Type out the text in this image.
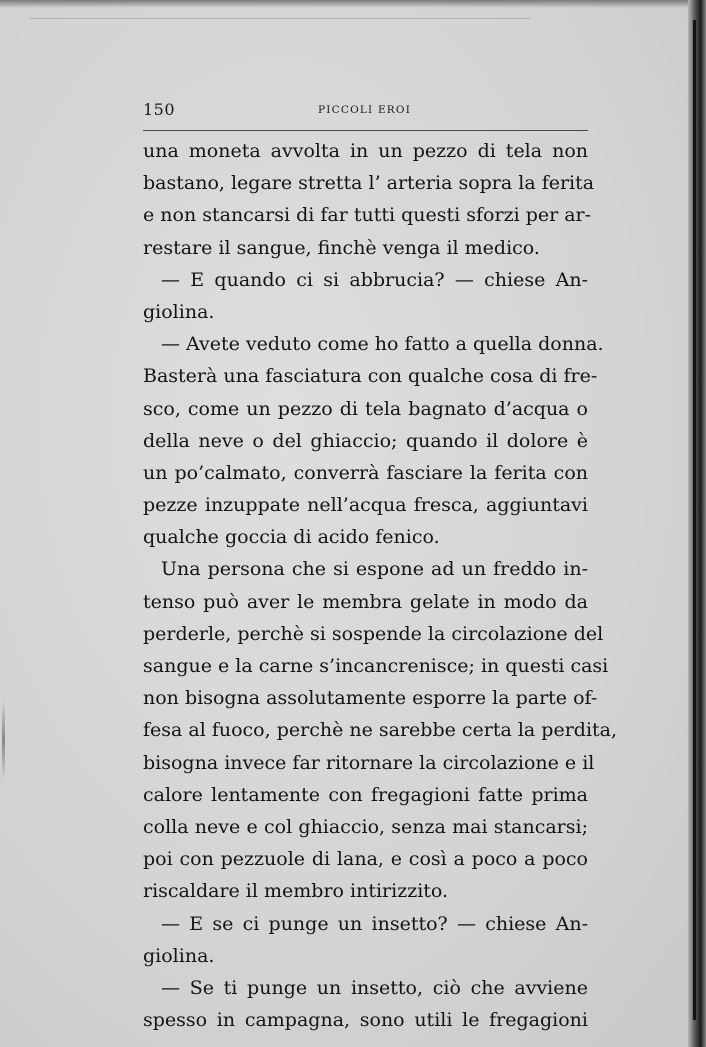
150	PICCOLI EROI
una moneta avvolta in un pezzo di tela non
bastano, legare stretta l’ arteria sopra la ferita
e non stancarsi di far tutti questi sforzi per ar-
restare il sangue, finchè venga il medico.
— E quando ci si abbrucia? — chiese An-
giolina.
— Avete veduto come ho fatto a quella donna.
Basterà una fasciatura con qualche cosa di fre-
sco, come un pezzo di tela bagnato d’acqua o
della neve o del ghiaccio; quando il dolore è
un po’calmato, converrà fasciare la ferita con
pezze inzuppate nell’acqua fresca, aggiuntavi
qualche goccia di acido fenico.
Una persona che si espone ad un freddo in-
tenso può aver le membra gelate in modo da
perderle, perchè si sospende la circolazione del
sangue e la carne s’incancrenisce; in questi casi
non bisogna assolutamente esporre la parte of-
fesa al fuoco, perchè ne sarebbe certa la perdita,
bisogna invece far ritornare la circolazione e il
calore lentamente con fregagioni fatte prima
colla neve e col ghiaccio, senza mai stancarsi;
poi con pezzuole di lana, e così a poco a poco
riscaldare il membro intirizzito.
— E se ci punge un insetto? — chiese An-
giolina.
— Se ti punge un insetto, ciò che avviene
spesso in campagna, sono utili le fregagioni
